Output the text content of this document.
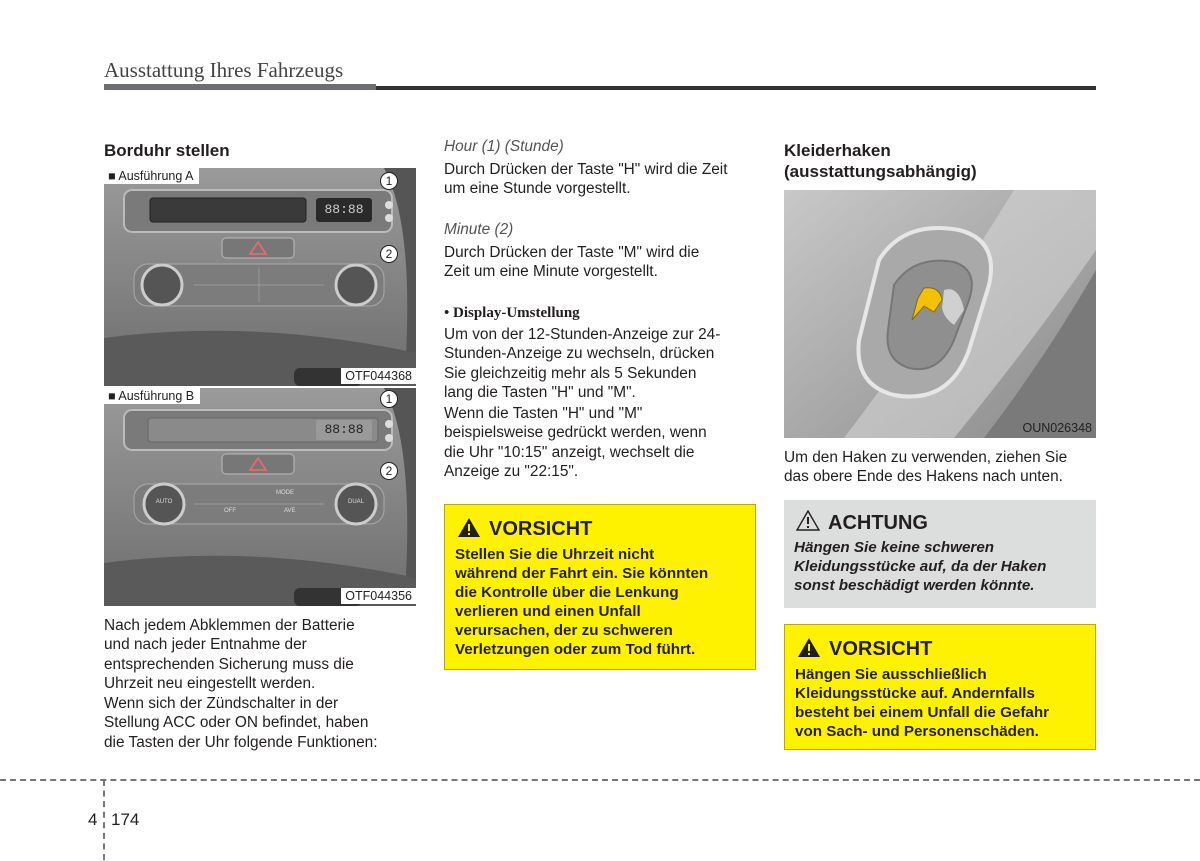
Ausstattung Ihres Fahrzeugs
Borduhr stellen
■ Ausführung A
88:88
1
2
OTF044368
■ Ausführung B
88:88
AUTO	DUAL
OFF	AVE
MODE
1
2
OTF044356
Nach jedem Abklemmen der Batterie
und nach jeder Entnahme der
entsprechenden Sicherung muss die
Uhrzeit neu eingestellt werden.
Wenn sich der Zündschalter in der
Stellung ACC oder ON befindet, haben
die Tasten der Uhr folgende Funktionen:
Hour (1) (Stunde)
Durch Drücken der Taste "H" wird die Zeit
um eine Stunde vorgestellt.
Minute (2)
Durch Drücken der Taste "M" wird die
Zeit um eine Minute vorgestellt.
• Display-Umstellung
Um von der 12-Stunden-Anzeige zur 24-
Stunden-Anzeige zu wechseln, drücken
Sie gleichzeitig mehr als 5 Sekunden
lang die Tasten "H" und "M".
Wenn die Tasten "H" und "M"
beispielsweise gedrückt werden, wenn
die Uhr "10:15" anzeigt, wechselt die
Anzeige zu "22:15".
VORSICHT
Stellen Sie die Uhrzeit nicht
während der Fahrt ein. Sie könnten
die Kontrolle über die Lenkung
verlieren und einen Unfall
verursachen, der zu schweren
Verletzungen oder zum Tod führt.
Kleiderhaken
(ausstattungsabhängig)
OUN026348
Um den Haken zu verwenden, ziehen Sie
das obere Ende des Hakens nach unten.
ACHTUNG
Hängen Sie keine schweren
Kleidungsstücke auf, da der Haken
sonst beschädigt werden könnte.
VORSICHT
Hängen Sie ausschließlich
Kleidungsstücke auf. Andernfalls
besteht bei einem Unfall die Gefahr
von Sach- und Personenschäden.
4 174
